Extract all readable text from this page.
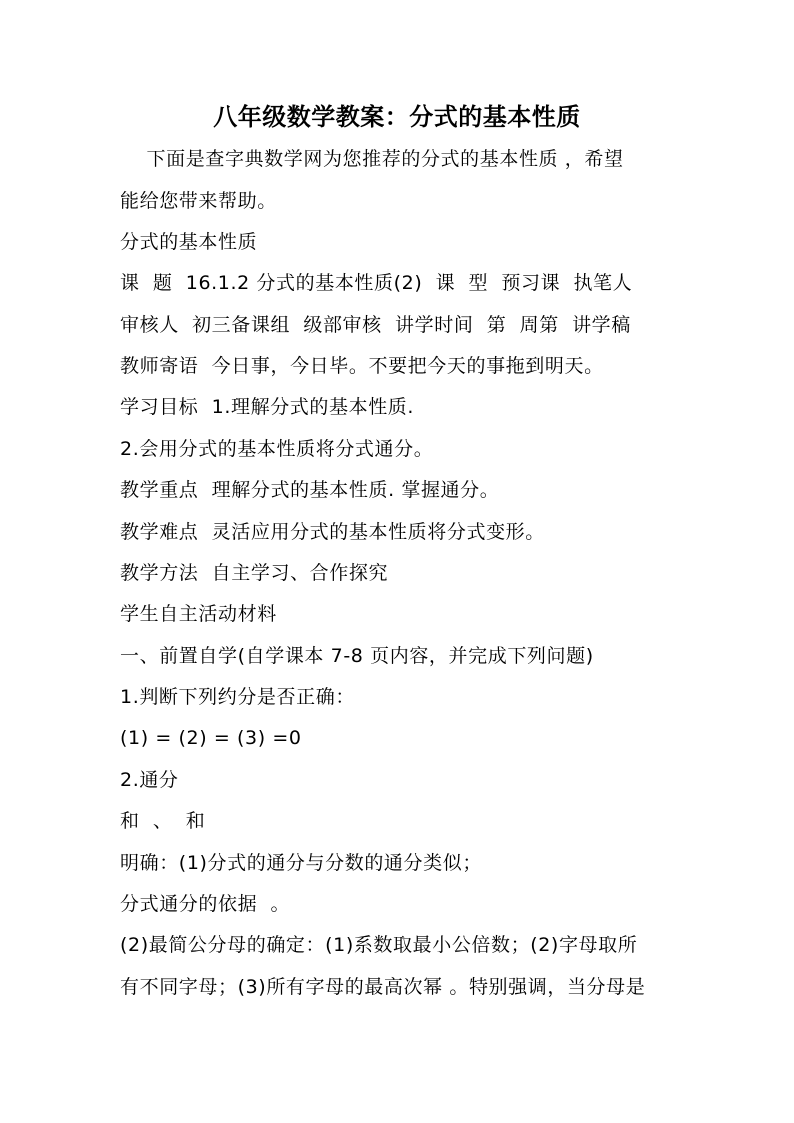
八年级数学教案：分式的基本性质
下面是查字典数学网为您推荐的分式的基本性质 ，希望
能给您带来帮助。
分式的基本性质
课  题  16.1.2 分式的基本性质(2)  课  型  预习课  执笔人
审核人  初三备课组  级部审核  讲学时间  第  周第  讲学稿
教师寄语  今日事，今日毕。不要把今天的事拖到明天。
学习目标  1.理解分式的基本性质.
2.会用分式的基本性质将分式通分。
教学重点  理解分式的基本性质. 掌握通分。
教学难点  灵活应用分式的基本性质将分式变形。
教学方法  自主学习、合作探究
学生自主活动材料
一、前置自学(自学课本 7-8 页内容，并完成下列问题)
1.判断下列约分是否正确：
(1) = (2) = (3) =0
2.通分
和  、  和
明确：(1)分式的通分与分数的通分类似；
分式通分的依据  。
(2)最简公分母的确定：(1)系数取最小公倍数；(2)字母取所
有不同字母；(3)所有字母的最高次幂 。特别强调，当分母是
